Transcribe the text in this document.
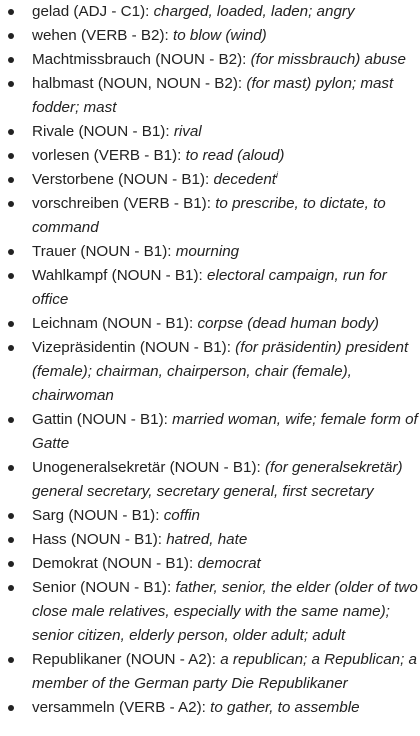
gelad (ADJ - C1): charged, loaded, laden; angry
wehen (VERB - B2): to blow (wind)
Machtmissbrauch (NOUN - B2): (for missbrauch) abuse
halbmast (NOUN, NOUN - B2): (for mast) pylon; mast fodder; mast
Rivale (NOUN - B1): rival
vorlesen (VERB - B1): to read (aloud)
Verstorbene (NOUN - B1): decedent$^i$
vorschreiben (VERB - B1): to prescribe, to dictate, to command
Trauer (NOUN - B1): mourning
Wahlkampf (NOUN - B1): electoral campaign, run for office
Leichnam (NOUN - B1): corpse (dead human body)
Vizepräsidentin (NOUN - B1): (for präsidentin) president (female); chairman, chairperson, chair (female), chairwoman
Gattin (NOUN - B1): married woman, wife; female form of Gatte
Unogeneralsekretär (NOUN - B1): (for generalsekretär) general secretary, secretary general, first secretary
Sarg (NOUN - B1): coffin
Hass (NOUN - B1): hatred, hate
Demokrat (NOUN - B1): democrat
Senior (NOUN - B1): father, senior, the elder (older of two close male relatives, especially with the same name); senior citizen, elderly person, older adult; adult
Republikaner (NOUN - A2): a republican; a Republican; a member of the German party Die Republikaner
versammeln (VERB - A2): to gather, to assemble
